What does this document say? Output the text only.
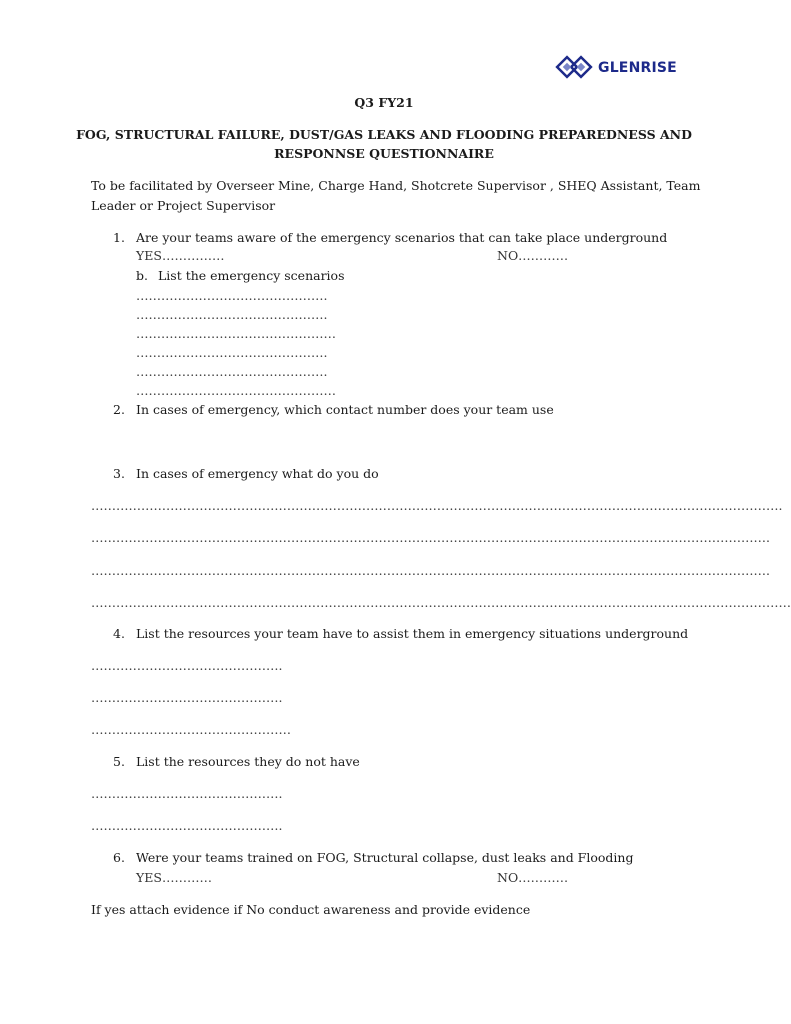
GLENRISE
Q3 FY21
FOG, STRUCTURAL FAILURE, DUST/GAS LEAKS AND FLOODING PREPAREDNESS AND
RESPONNSE QUESTIONNAIRE
To be facilitated by Overseer Mine, Charge Hand, Shotcrete Supervisor , SHEQ Assistant, Team
Leader or Project Supervisor
1. Are your teams aware of the emergency scenarios that can take place underground
YES……………	NO…………
b. List the emergency scenarios
……………………………………….
……………………………………….
…………………………………………
……………………………………….
……………………………………….
…………………………………………
2. In cases of emergency, which contact number does your team use
3. In cases of emergency what do you do
………………………………………………………………………………………………………………………………………………….
……………………………………………………………………………………………………………………………………………….
……………………………………………………………………………………………………………………………………………….
……………………………………………………………………………………………………………………………………………………
4. List the resources your team have to assist them in emergency situations underground
……………………………………….
……………………………………….
…………………………………………
5. List the resources they do not have
……………………………………….
……………………………………….
6. Were your teams trained on FOG, Structural collapse, dust leaks and Flooding
YES…………	NO…………
If yes attach evidence if No conduct awareness and provide evidence
